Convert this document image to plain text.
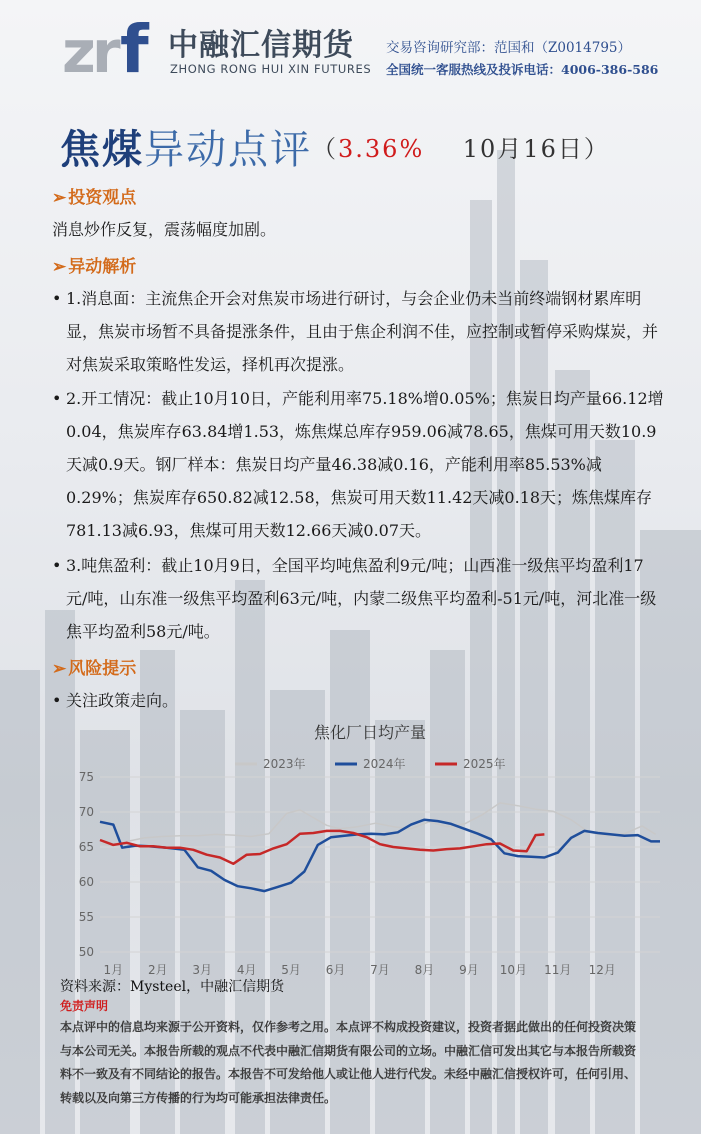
z
r f 中融汇信期货
ZHONG RONG HUI XIN FUTURES
交易咨询研究部：范国和（Z0014795）
全国统一客服热线及投诉电话：4006-386-586
焦煤异动点评（3.36% 10月16日）
➢ 投资观点
消息炒作反复，震荡幅度加剧。
➢ 异动解析
• 1.消息面：主流焦企开会对焦炭市场进行研讨，与会企业仍未当前终端钢材累库明显，焦炭市场暂不具备提涨条件，且由于焦企利润不佳，应控制或暂停采购煤炭，并对焦炭采取策略性发运，择机再次提涨。
• 2.开工情况：截止10月10日，产能利用率75.18%增0.05%；焦炭日均产量66.12增0.04，焦炭库存63.84增1.53，炼焦煤总库存959.06减78.65，焦煤可用天数10.9天减0.9天。钢厂样本：焦炭日均产量46.38减0.16，产能利用率85.53%减0.29%；焦炭库存650.82减12.58，焦炭可用天数11.42天减0.18天；炼焦煤库存781.13减6.93，焦煤可用天数12.66天减0.07天。
• 3.吨焦盈利：截止10月9日，全国平均吨焦盈利9元/吨；山西准一级焦平均盈利17元/吨，山东准一级焦平均盈利63元/吨，内蒙二级焦平均盈利-51元/吨，河北准一级焦平均盈利58元/吨。
➢ 风险提示
• 关注政策走向。
焦化厂日均产量
50
55
60
65
70
75
1月 2月 3月 4月 5月 6月 7月 8月 9月 10月 11月 12月
2023年	2024年	2025年
资料来源：Mysteel，中融汇信期货
免责声明
本点评中的信息均来源于公开资料，仅作参考之用。本点评不构成投资建议，投资者据此做出的任何投资决策与本公司无关。本报告所载的观点不代表中融汇信期货有限公司的立场。中融汇信可发出其它与本报告所载资料不一致及有不同结论的报告。本报告不可发给他人或让他人进行代发。未经中融汇信授权许可，任何引用、转载以及向第三方传播的行为均可能承担法律责任。
